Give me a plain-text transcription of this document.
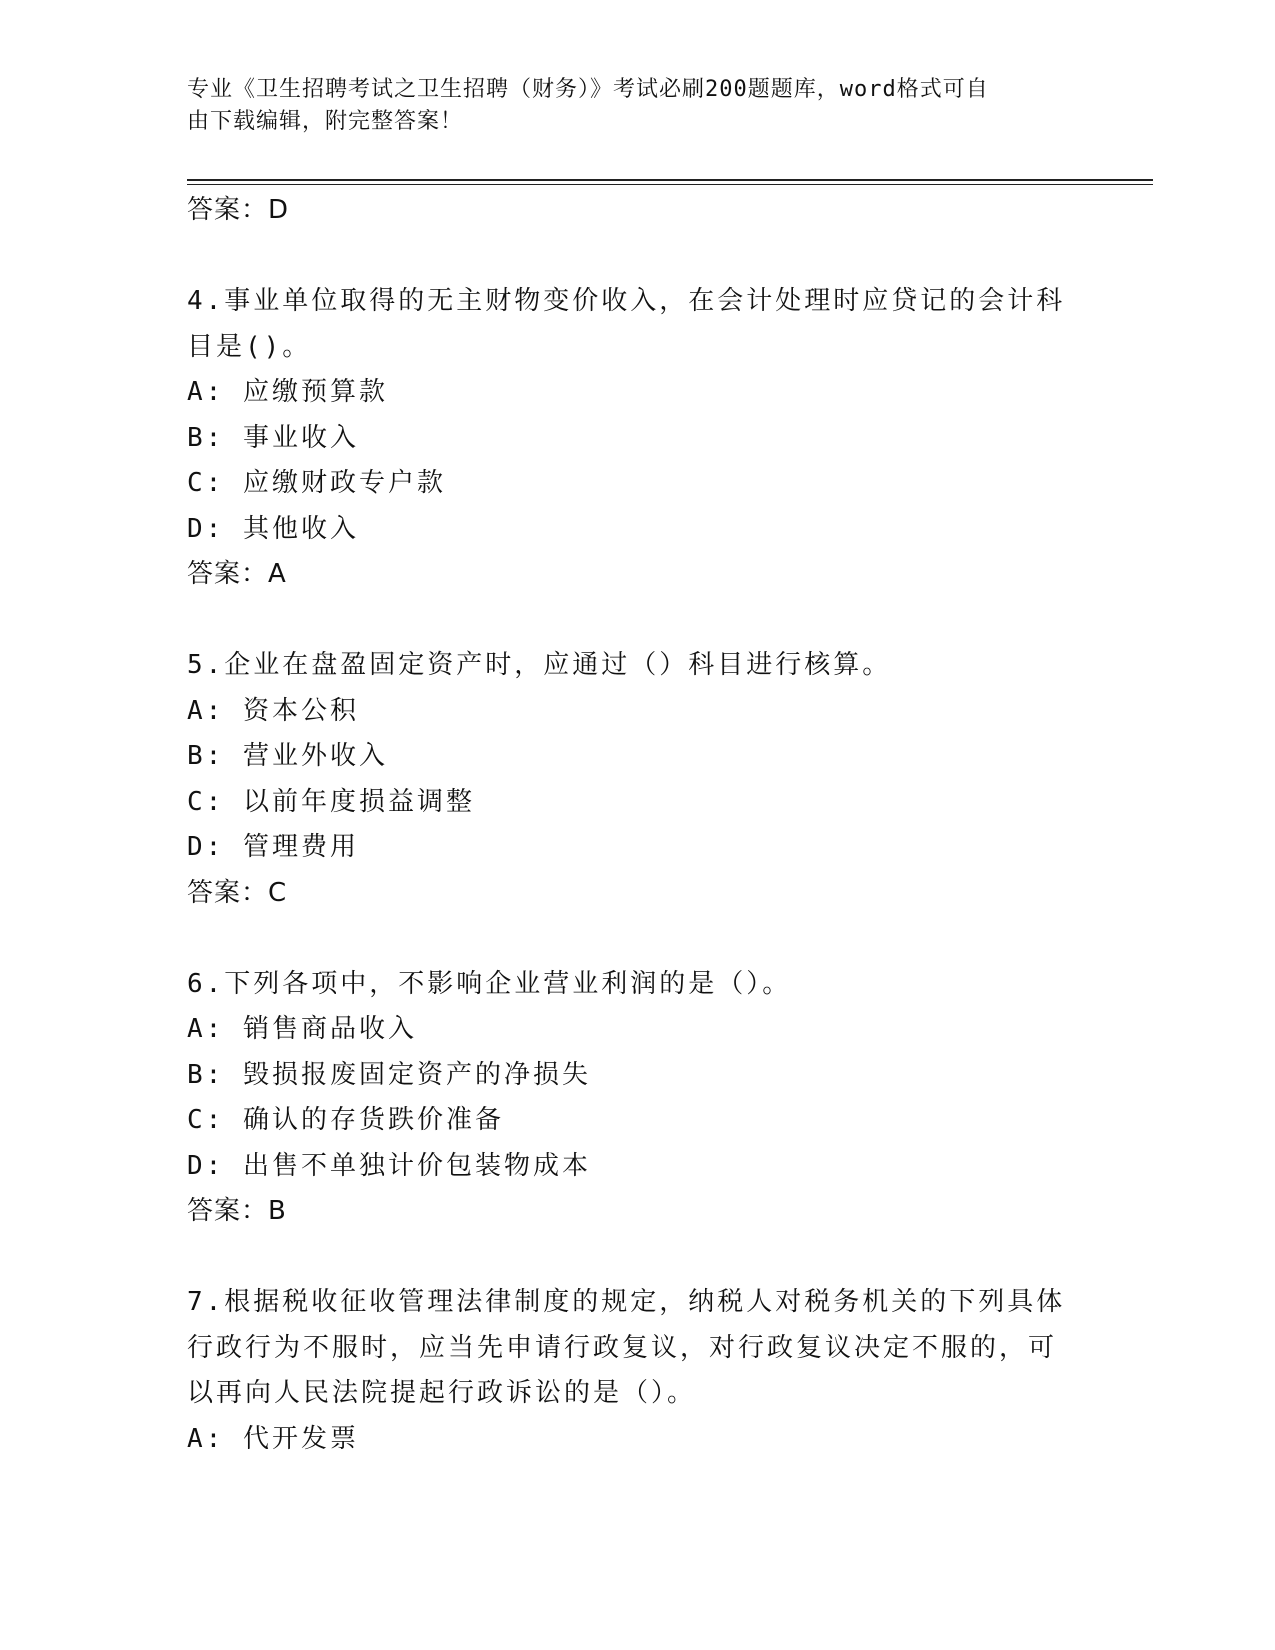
专业《卫生招聘考试之卫生招聘（财务）》考试必刷200题题库，word格式可自
由下载编辑，附完整答案！
答案：D
4.事业单位取得的无主财物变价收入，在会计处理时应贷记的会计科
目是()。
A: 应缴预算款
B: 事业收入
C: 应缴财政专户款
D: 其他收入
答案：A
5.企业在盘盈固定资产时，应通过（）科目进行核算。
A: 资本公积
B: 营业外收入
C: 以前年度损益调整
D: 管理费用
答案：C
6.下列各项中，不影响企业营业利润的是（）。
A: 销售商品收入
B: 毁损报废固定资产的净损失
C: 确认的存货跌价准备
D: 出售不单独计价包装物成本
答案：B
7.根据税收征收管理法律制度的规定，纳税人对税务机关的下列具体
行政行为不服时，应当先申请行政复议，对行政复议决定不服的，可
以再向人民法院提起行政诉讼的是（）。
A: 代开发票
